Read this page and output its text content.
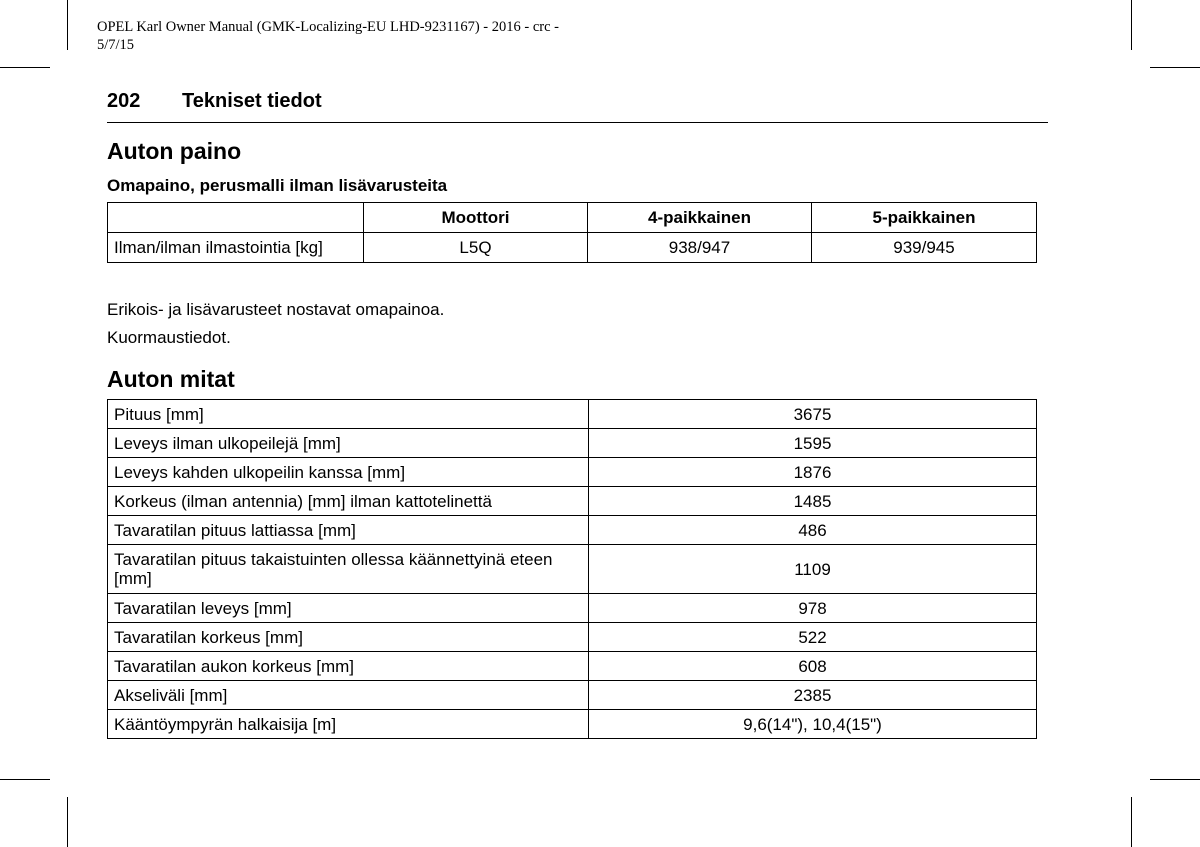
OPEL Karl Owner Manual (GMK-Localizing-EU LHD-9231167) - 2016 - crc -
5/7/15
202 Tekniset tiedot
Auton paino
Omapaino, perusmalli ilman lisävarusteita
	Moottori	4-paikkainen	5-paikkainen
Ilman/ilman ilmastointia [kg]	L5Q	938/947	939/945

Erikois- ja lisävarusteet nostavat omapainoa.

Kuormaustiedot.

Auton mitat
Pituus [mm]	3675
Leveys ilman ulkopeilejä [mm]	1595
Leveys kahden ulkopeilin kanssa [mm]	1876
Korkeus (ilman antennia) [mm] ilman kattotelinettä	1485
Tavaratilan pituus lattiassa [mm]	486
Tavaratilan pituus takaistuinten ollessa käännettyinä eteen [mm]	1109
Tavaratilan leveys [mm]	978
Tavaratilan korkeus [mm]	522
Tavaratilan aukon korkeus [mm]	608
Akseliväli [mm]	2385
Kääntöympyrän halkaisija [m]	9,6(14"), 10,4(15")
